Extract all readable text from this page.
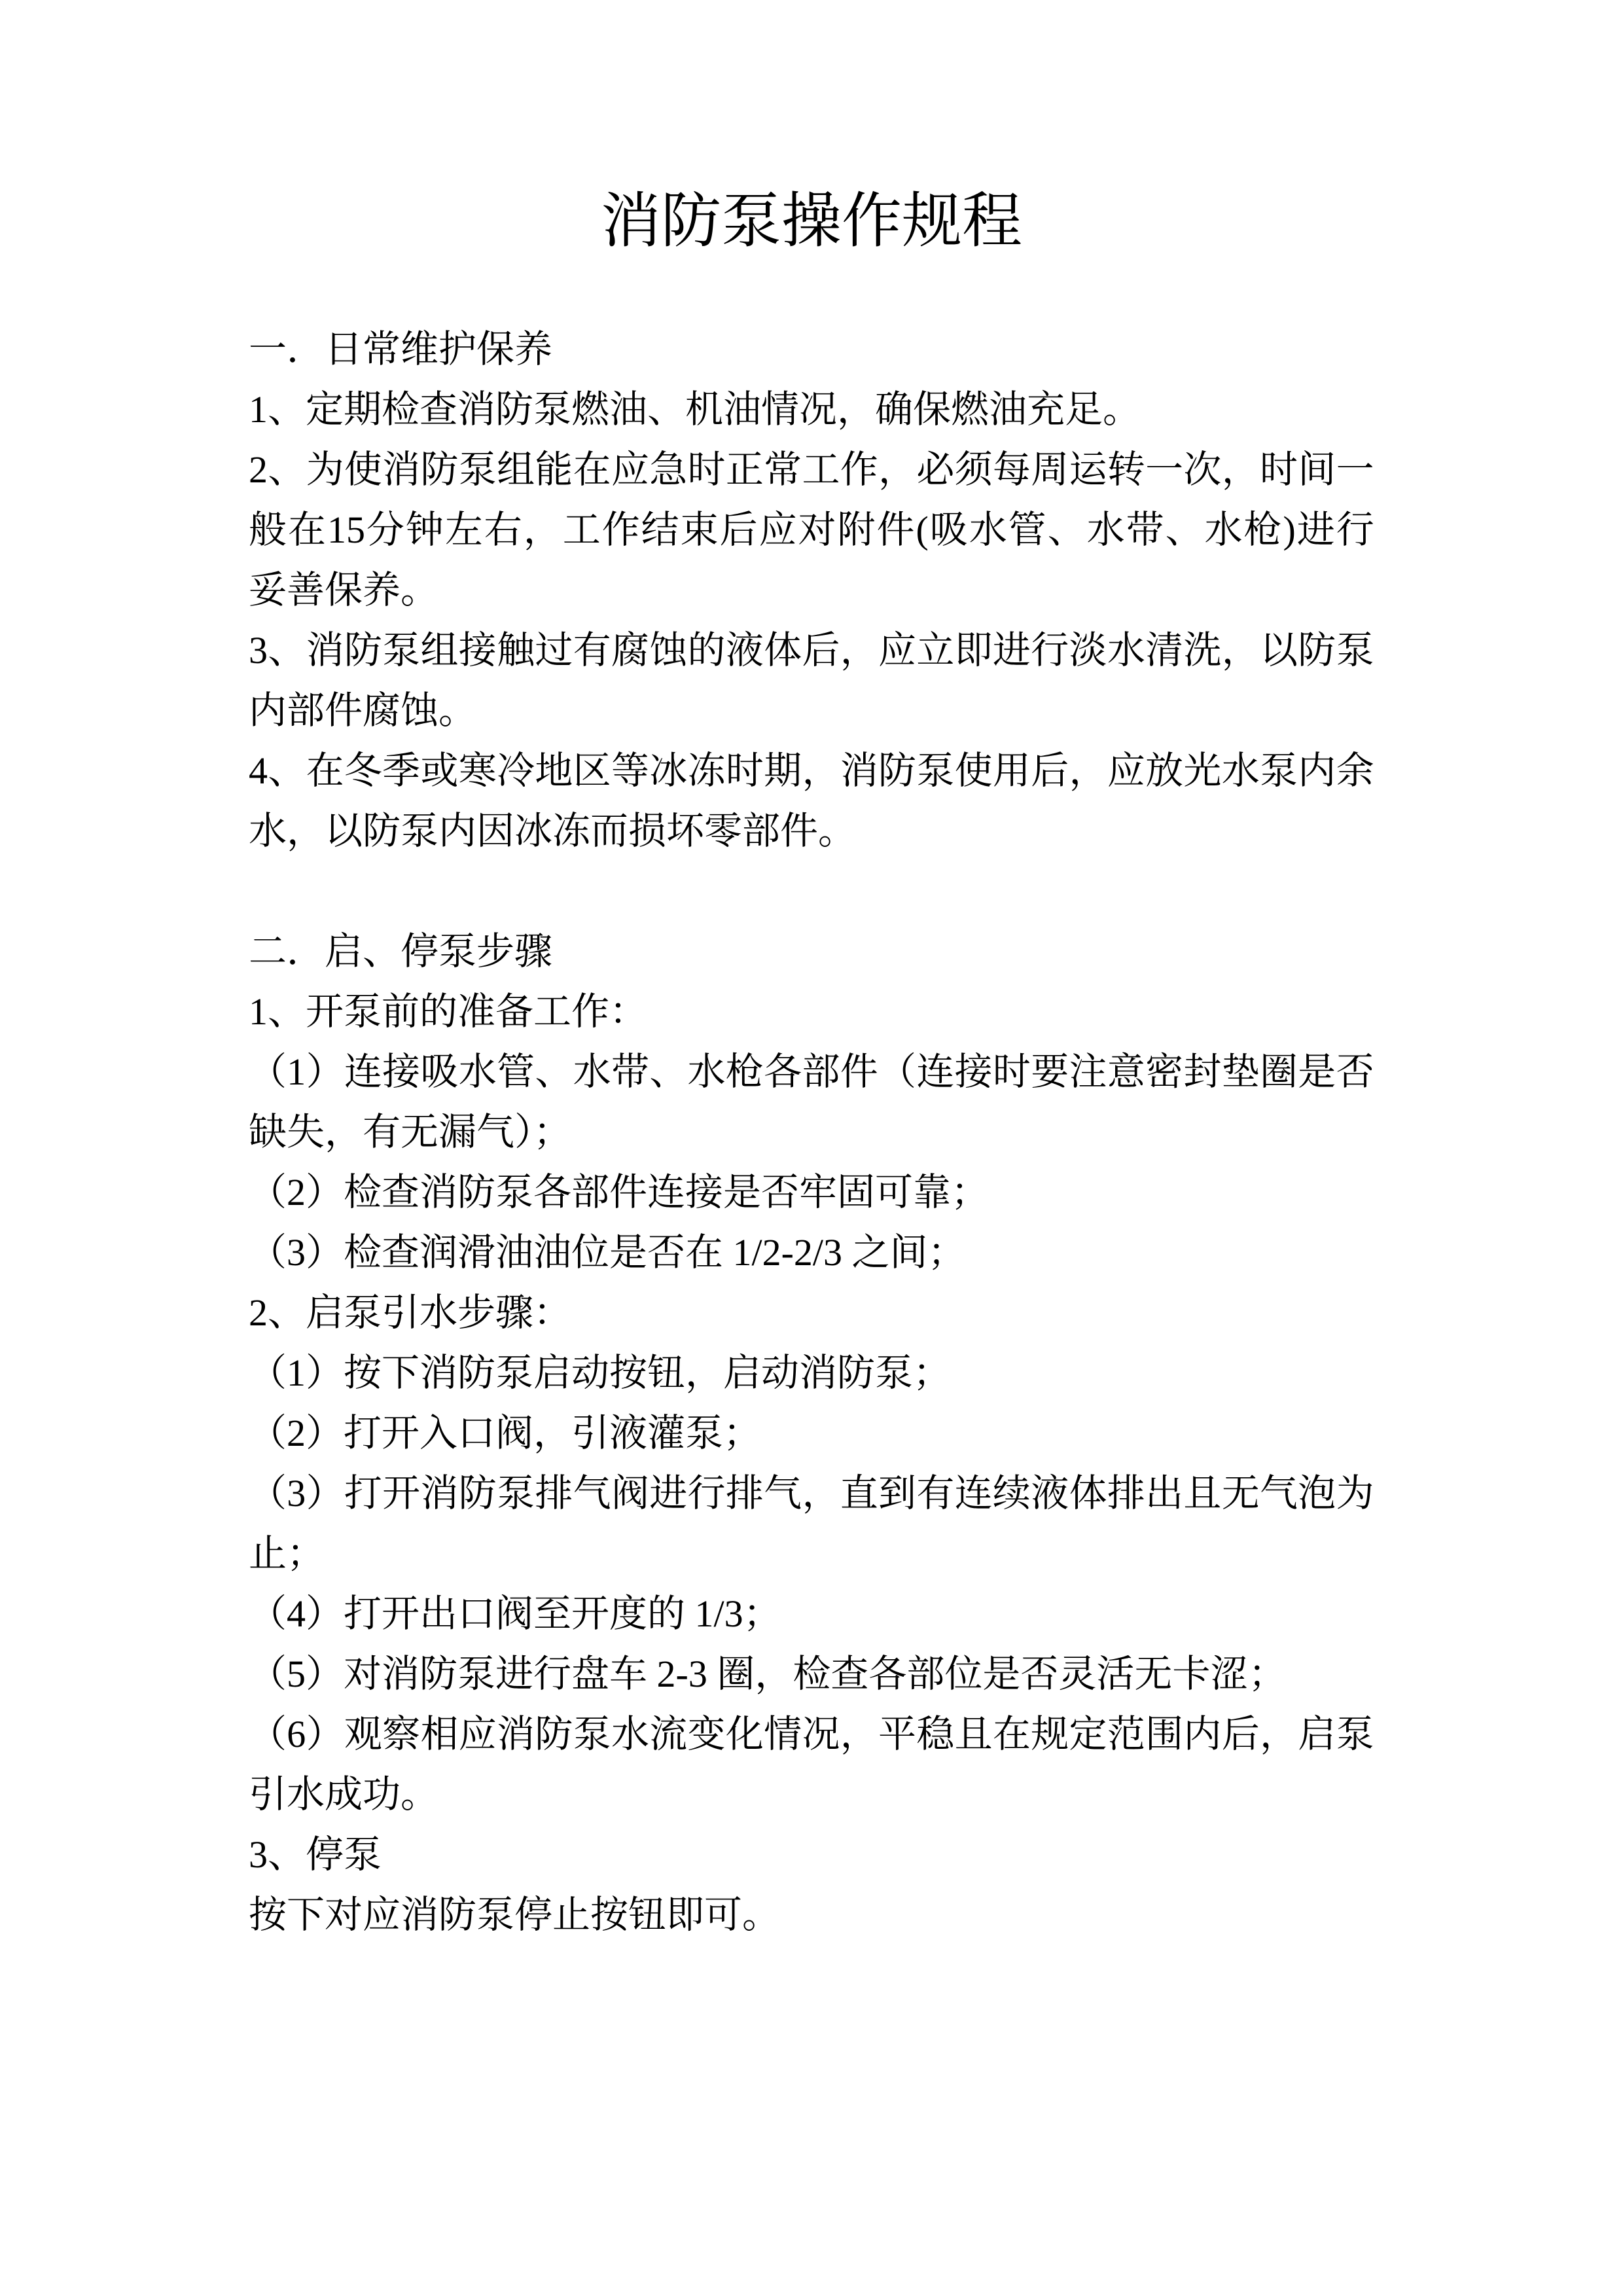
消防泵操作规程
一．日常维护保养
1、定期检查消防泵燃油、机油情况，确保燃油充足。
2 、 为 使 消 防 泵 组 能 在 应 急 时 正 常 工 作 ， 必 须 每 周 运 转 一 次 ， 时 间 一
般 在 15 分 钟 左 右 ， 工 作 结 束 后 应 对 附 件 ( 吸 水 管 、 水 带 、 水 枪 ) 进 行
妥善保养。
3 、 消 防 泵 组 接 触 过 有 腐 蚀 的 液 体 后 ， 应 立 即 进 行 淡 水 清 洗 ， 以 防 泵
内部件腐蚀。
4 、 在 冬 季 或 寒 冷 地 区 等 冰 冻 时 期 ， 消 防 泵 使 用 后 ， 应 放 光 水 泵 内 余
水，以防泵内因冰冻而损坏零部件。
二．启、停泵步骤
1、开泵前的准备工作：
（ 1 ） 连 接 吸 水 管 、 水 带 、 水 枪 各 部 件 （ 连 接 时 要 注 意 密 封 垫 圈 是 否
缺失，有无漏气）；
（2）检查消防泵各部件连接是否牢固可靠；
（3）检查润滑油油位是否在 1/2-2/3 之间；
2、启泵引水步骤：
（1）按下消防泵启动按钮，启动消防泵；
（2）打开入口阀，引液灌泵；
（ 3 ） 打 开 消 防 泵 排 气 阀 进 行 排 气 ， 直 到 有 连 续 液 体 排 出 且 无 气 泡 为
止；
（4）打开出口阀至开度的 1/3；
（5）对消防泵进行盘车 2-3 圈，检查各部位是否灵活无卡涩；
（ 6 ） 观 察 相 应 消 防 泵 水 流 变 化 情 况 ， 平 稳 且 在 规 定 范 围 内 后 ， 启 泵
引水成功。
3、停泵
按下对应消防泵停止按钮即可。
